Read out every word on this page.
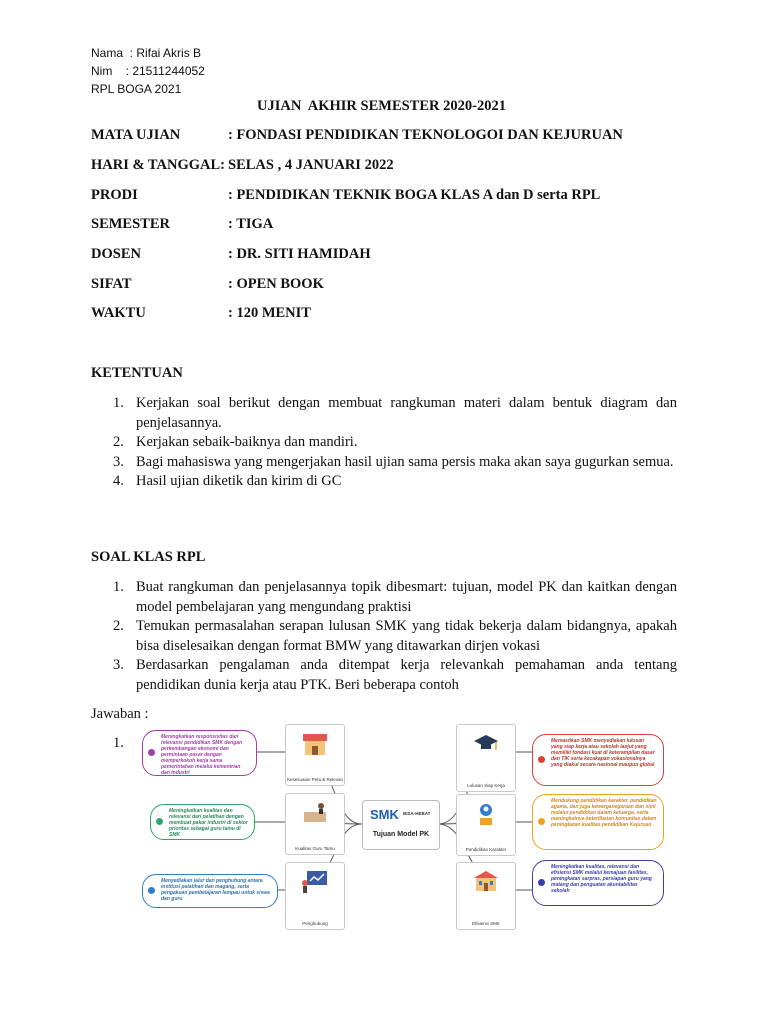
Nama  : Rifai Akris B
Nim    : 21511244052
RPL BOGA 2021
UJIAN  AKHIR SEMESTER 2020-2021
MATA UJIAN	: FONDASI PENDIDIKAN TEKNOLOGOI DAN KEJURUAN
HARI & TANGGAL: SELAS , 4 JANUARI 2022
PRODI	: PENDIDIKAN TEKNIK BOGA KLAS A dan D serta RPL
SEMESTER	: TIGA
DOSEN	: DR. SITI HAMIDAH
SIFAT	: OPEN BOOK
WAKTU	: 120 MENIT
KETENTUAN
1. Kerjakan soal berikut dengan membuat rangkuman materi dalam bentuk diagram dan penjelasannya.
2. Kerjakan sebaik-baiknya dan mandiri.
3. Bagi mahasiswa yang mengerjakan hasil ujian sama persis maka akan saya gugurkan semua.
4. Hasil ujian diketik dan kirim di GC
SOAL KLAS RPL
1. Buat rangkuman dan penjelasannya topik dibesmart: tujuan, model PK dan kaitkan dengan model pembelajaran yang mengundang praktisi
2. Temukan permasalahan serapan lulusan SMK yang tidak bekerja dalam bidangnya, apakah bisa diselesaikan dengan format BMW yang ditawarkan dirjen vokasi
3. Berdasarkan pengalaman anda ditempat kerja relevankah pemahaman anda tentang pendidikan dunia kerja atau PTK. Beri beberapa contoh
Jawaban :
1.
SMK BISA-HEBAT
Tujuan Model PK
Kesesuaian Peta & Relevan
Kualitas Guru Tamu
Penghubung
Lulusan Siap Kerja
Pendidikan Karakter
Efisiensi SMK
Meningkatkan responsivitas dan relevansi pendidikan SMK dengan perkembangan ekonomi dan permintaan pasar dengan memperkokoh kerja sama pemerintahan melalui kementrian dan Industri
Meningkatkan kualitas dan relevansi dari pelatihan dengan membuat pakar industri di sektor prioritas sebagai guru tamu di SMK
Menyediakan jalur dan penghubung antara institusi pelatihan dan magang, serta pengakuan pembelajaran lampau untuk siswa dan guru
Memastikan SMK menyediakan lulusan yang siap kerja atau sekolah lanjut yang memiliki fondasi kuat di keterampilan dasar dan TIK serta kecakapan vokasionalnya yang diakui secara nasional maupun global
Mendukung pendidikan karakter, pendidikan agama, dan juga kewarganegaraan dan sipil melalui pendidikan dalam keluarga, serta meningkatnya keterlibatan komunitas dalam peningkatan kualitas pendidikan Kejuruan
Meningkatkan kualitas, relevansi dan efisiensi SMK melalui kemajuan fasilitas, peningkatan sarpras, persiapan guru yang matang dan penguatan akuntabilitas sekolah
